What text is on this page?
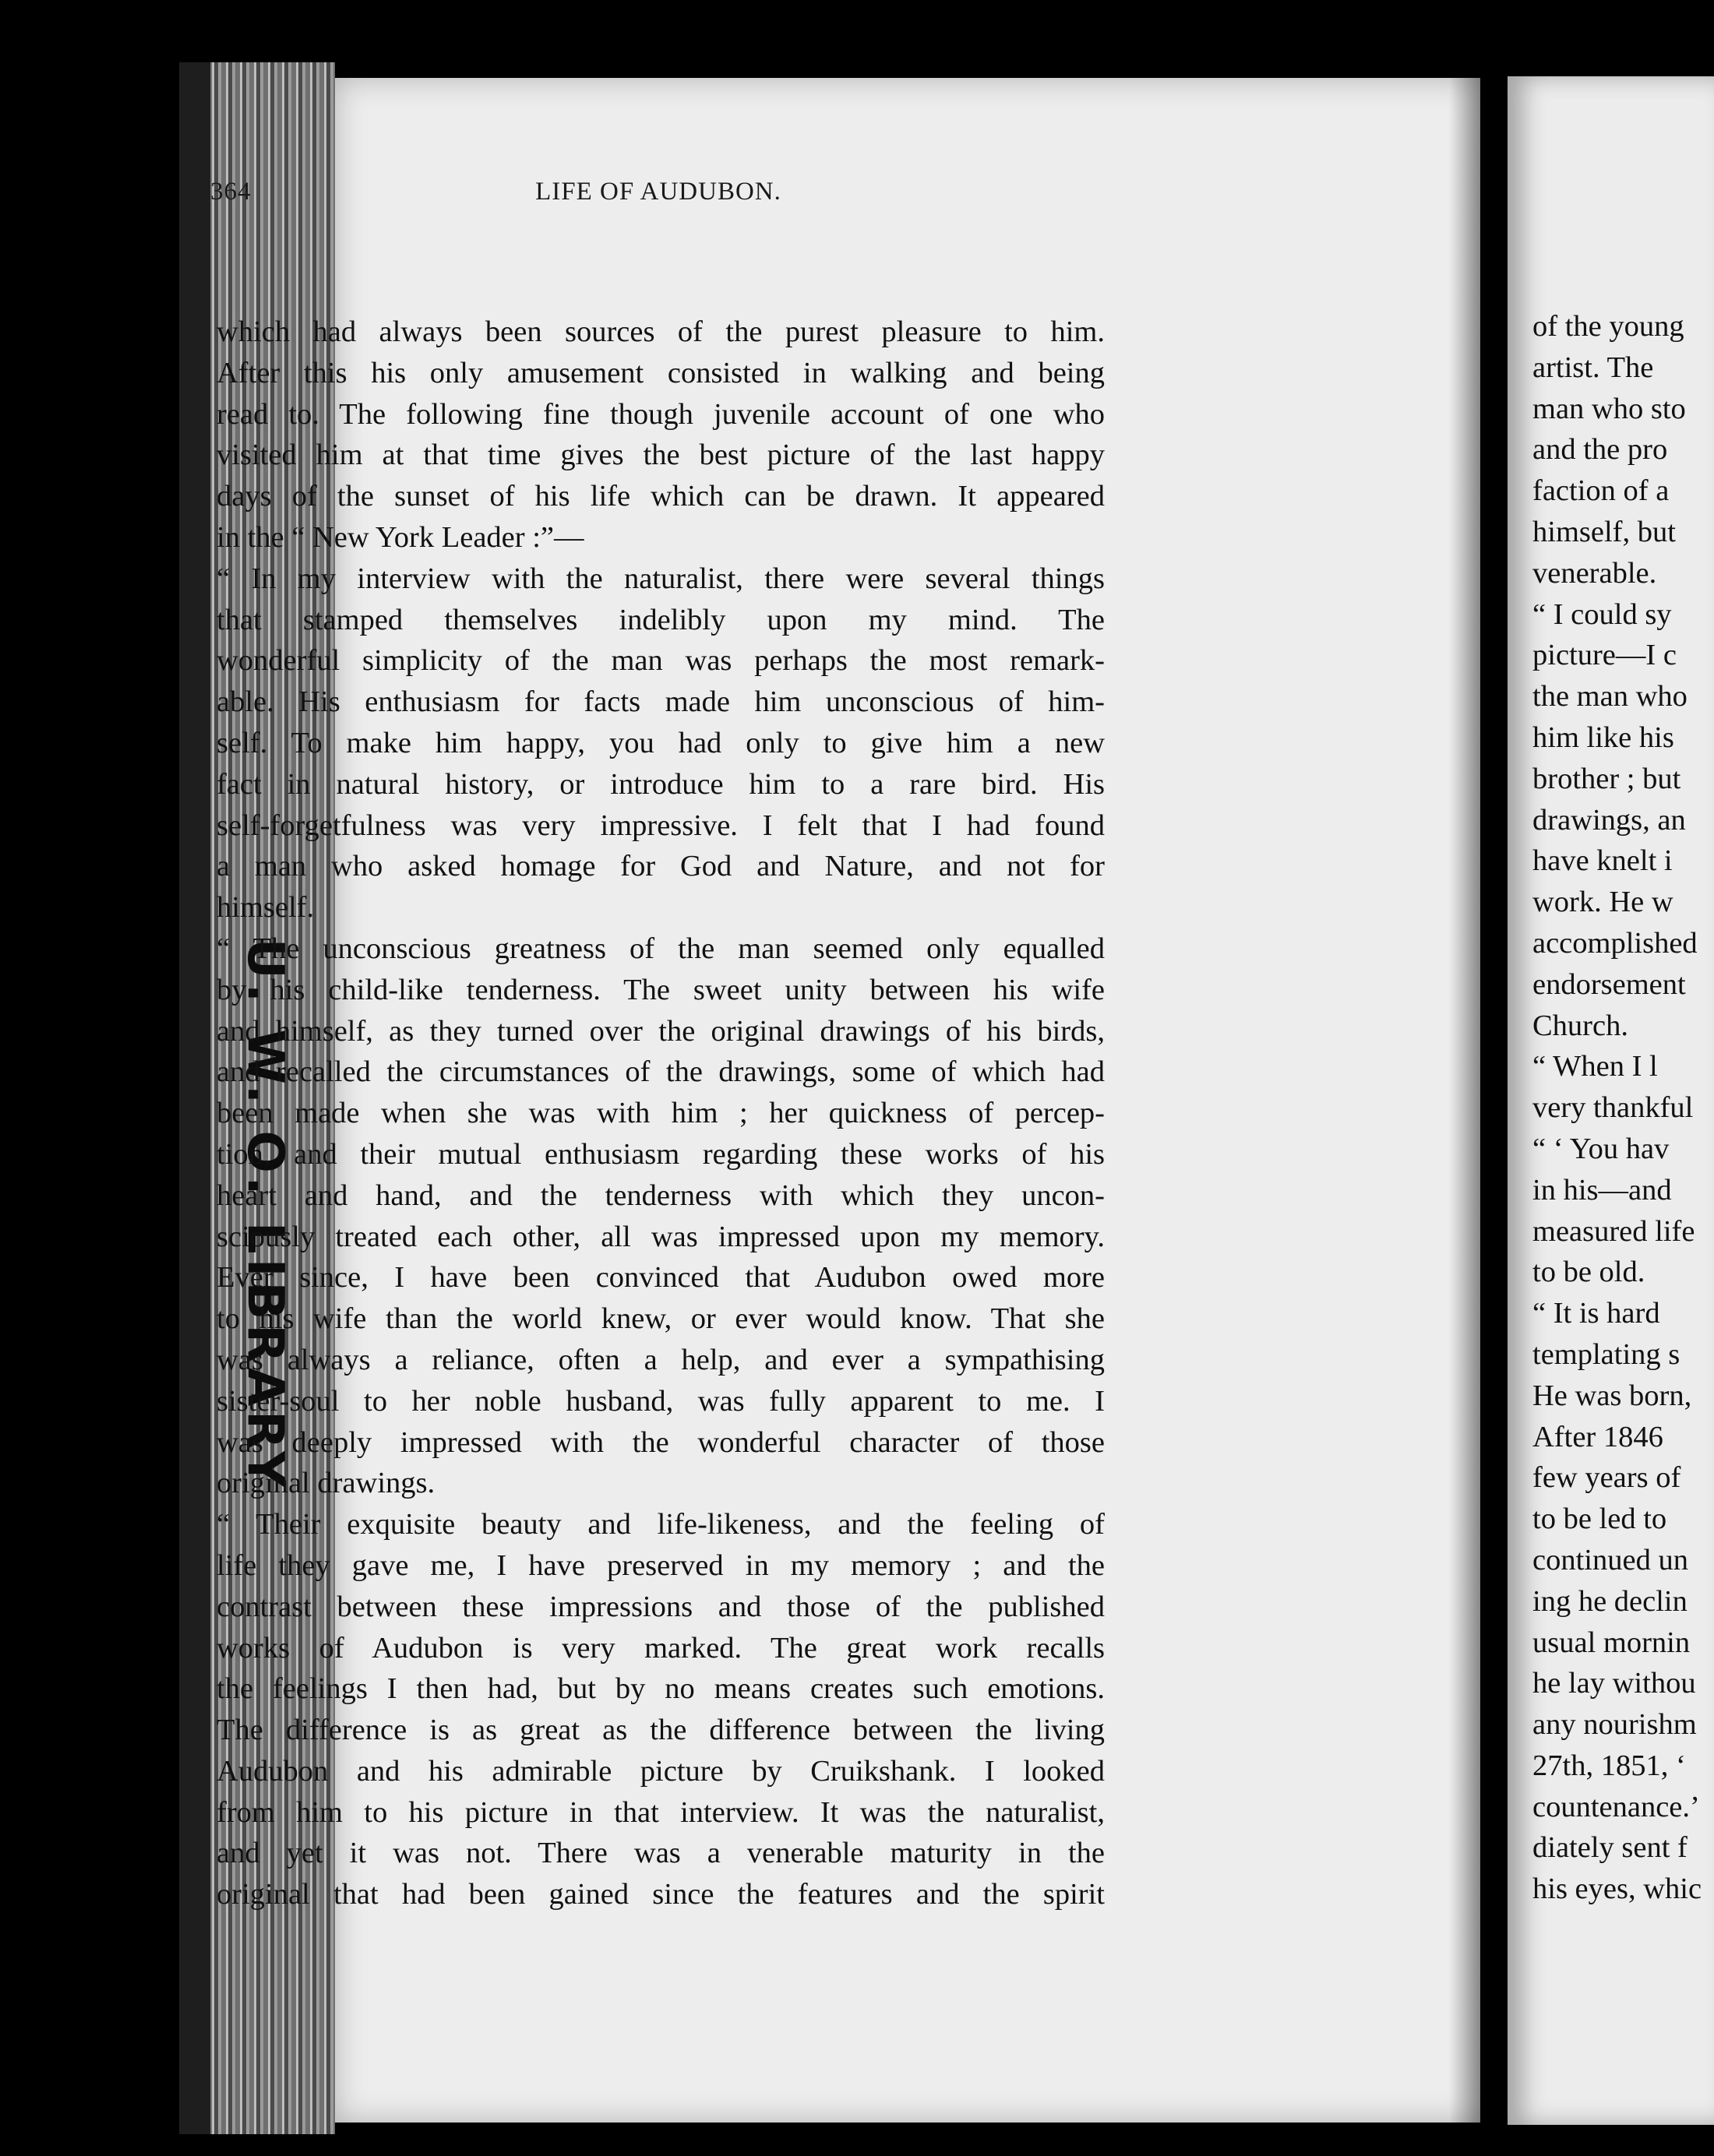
U. W. O. LIBRARY
364	LIFE OF AUDUBON.

which had always been sources of the purest pleasure to him.
After this his only amusement consisted in walking and being
read to. The following fine though juvenile account of one who
visited him at that time gives the best picture of the last happy
days of the sunset of his life which can be drawn. It appeared
in the “ New York Leader :”—

“ In my interview with the naturalist, there were several things
that stamped themselves indelibly upon my mind. The
wonderful simplicity of the man was perhaps the most remark-
able. His enthusiasm for facts made him unconscious of him-
self. To make him happy, you had only to give him a new
fact in natural history, or introduce him to a rare bird. His
self-forgetfulness was very impressive. I felt that I had found
a man who asked homage for God and Nature, and not for
himself.

“ The unconscious greatness of the man seemed only equalled
by his child-like tenderness. The sweet unity between his wife
and himself, as they turned over the original drawings of his birds,
and recalled the circumstances of the drawings, some of which had
been made when she was with him ; her quickness of percep-
tion, and their mutual enthusiasm regarding these works of his
heart and hand, and the tenderness with which they uncon-
sciously treated each other, all was impressed upon my memory.
Ever since, I have been convinced that Audubon owed more
to his wife than the world knew, or ever would know. That she
was always a reliance, often a help, and ever a sympathising
sister-soul to her noble husband, was fully apparent to me. I
was deeply impressed with the wonderful character of those
original drawings.

“ Their exquisite beauty and life-likeness, and the feeling of
life they gave me, I have preserved in my memory ; and the
contrast between these impressions and those of the published
works of Audubon is very marked. The great work recalls
the feelings I then had, but by no means creates such emotions.
The difference is as great as the difference between the living
Audubon and his admirable picture by Cruikshank. I looked
from him to his picture in that interview. It was the naturalist,
and yet it was not. There was a venerable maturity in the
original that had been gained since the features and the spirit

of the young
artist. The
man who sto
and the pro
faction of a
himself, but
venerable.
“ I could sy
picture—I c
the man who
him like his
brother ; but
drawings, an
have knelt i
work. He w
accomplished
endorsement
Church.
“ When I l
very thankful
“ ‘ You hav
in his—and
measured life
to be old.
“ It is hard
templating s
He was born,
After 1846
few years of
to be led to
continued un
ing he declin
usual mornin
he lay withou
any nourishm
27th, 1851, ‘
countenance.’
diately sent f
his eyes, whic
